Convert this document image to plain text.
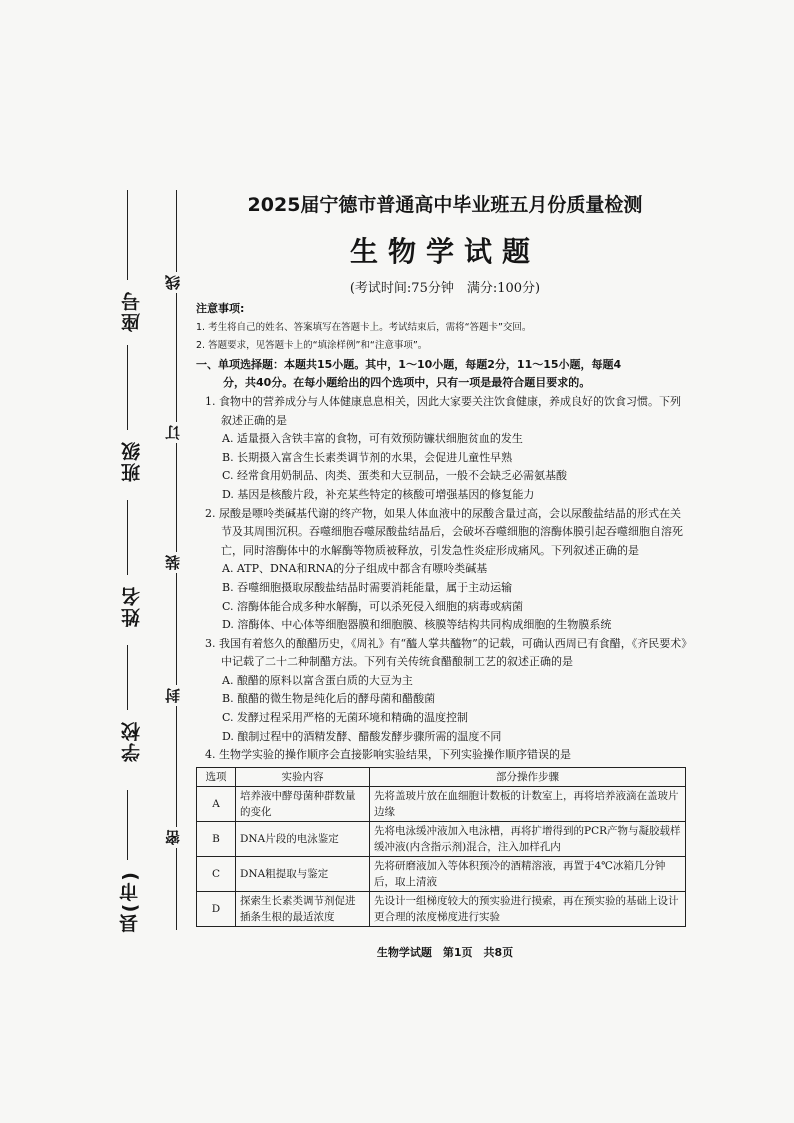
座号
班级
姓名
学校
县(市)
线
订
装
封
密
2025届宁德市普通高中毕业班五月份质量检测
生物学试题
(考试时间:75分钟　满分:100分)
注意事项:
1. 考生将自己的姓名、答案填写在答题卡上。考试结束后，需将“答题卡”交回。
2. 答题要求，见答题卡上的“填涂样例”和“注意事项”。
一、单项选择题：本题共15小题。其中，1～10小题，每题2分，11～15小题，每题4
分，共40分。在每小题给出的四个选项中，只有一项是最符合题目要求的。
1. 食物中的营养成分与人体健康息息相关，因此大家要关注饮食健康，养成良好的饮食习惯。下列叙述正确的是
A. 适量摄入含铁丰富的食物，可有效预防镰状细胞贫血的发生
B. 长期摄入富含生长素类调节剂的水果，会促进儿童性早熟
C. 经常食用奶制品、肉类、蛋类和大豆制品，一般不会缺乏必需氨基酸
D. 基因是核酸片段，补充某些特定的核酸可增强基因的修复能力
2. 尿酸是嘌呤类碱基代谢的终产物，如果人体血液中的尿酸含量过高，会以尿酸盐结晶的形式在关节及其周围沉积。吞噬细胞吞噬尿酸盐结晶后，会破坏吞噬细胞的溶酶体膜引起吞噬细胞自溶死亡，同时溶酶体中的水解酶等物质被释放，引发急性炎症形成痛风。下列叙述正确的是
A. ATP、DNA和RNA的分子组成中都含有嘌呤类碱基
B. 吞噬细胞摄取尿酸盐结晶时需要消耗能量，属于主动运输
C. 溶酶体能合成多种水解酶，可以杀死侵入细胞的病毒或病菌
D. 溶酶体、中心体等细胞器膜和细胞膜、核膜等结构共同构成细胞的生物膜系统
3. 我国有着悠久的酿醋历史，《周礼》有“醯人掌共醯物”的记载，可确认西周已有食醋，《齐民要术》中记载了二十二种制醋方法。下列有关传统食醋酿制工艺的叙述正确的是
A. 酿醋的原料以富含蛋白质的大豆为主
B. 酿醋的微生物是纯化后的酵母菌和醋酸菌
C. 发酵过程采用严格的无菌环境和精确的温度控制
D. 酿制过程中的酒精发酵、醋酸发酵步骤所需的温度不同
4. 生物学实验的操作顺序会直接影响实验结果，下列实验操作顺序错误的是
选项	实验内容	部分操作步骤
A	培养液中酵母菌种群数量的变化	先将盖玻片放在血细胞计数板的计数室上，再将培养液滴在盖玻片边缘
B	DNA片段的电泳鉴定	先将电泳缓冲液加入电泳槽，再将扩增得到的PCR产物与凝胶载样缓冲液(内含指示剂)混合，注入加样孔内
C	DNA粗提取与鉴定	先将研磨液加入等体积预冷的酒精溶液，再置于4℃冰箱几分钟后，取上清液
D	探索生长素类调节剂促进插条生根的最适浓度	先设计一组梯度较大的预实验进行摸索，再在预实验的基础上设计更合理的浓度梯度进行实验
生物学试题　第1页　共8页
